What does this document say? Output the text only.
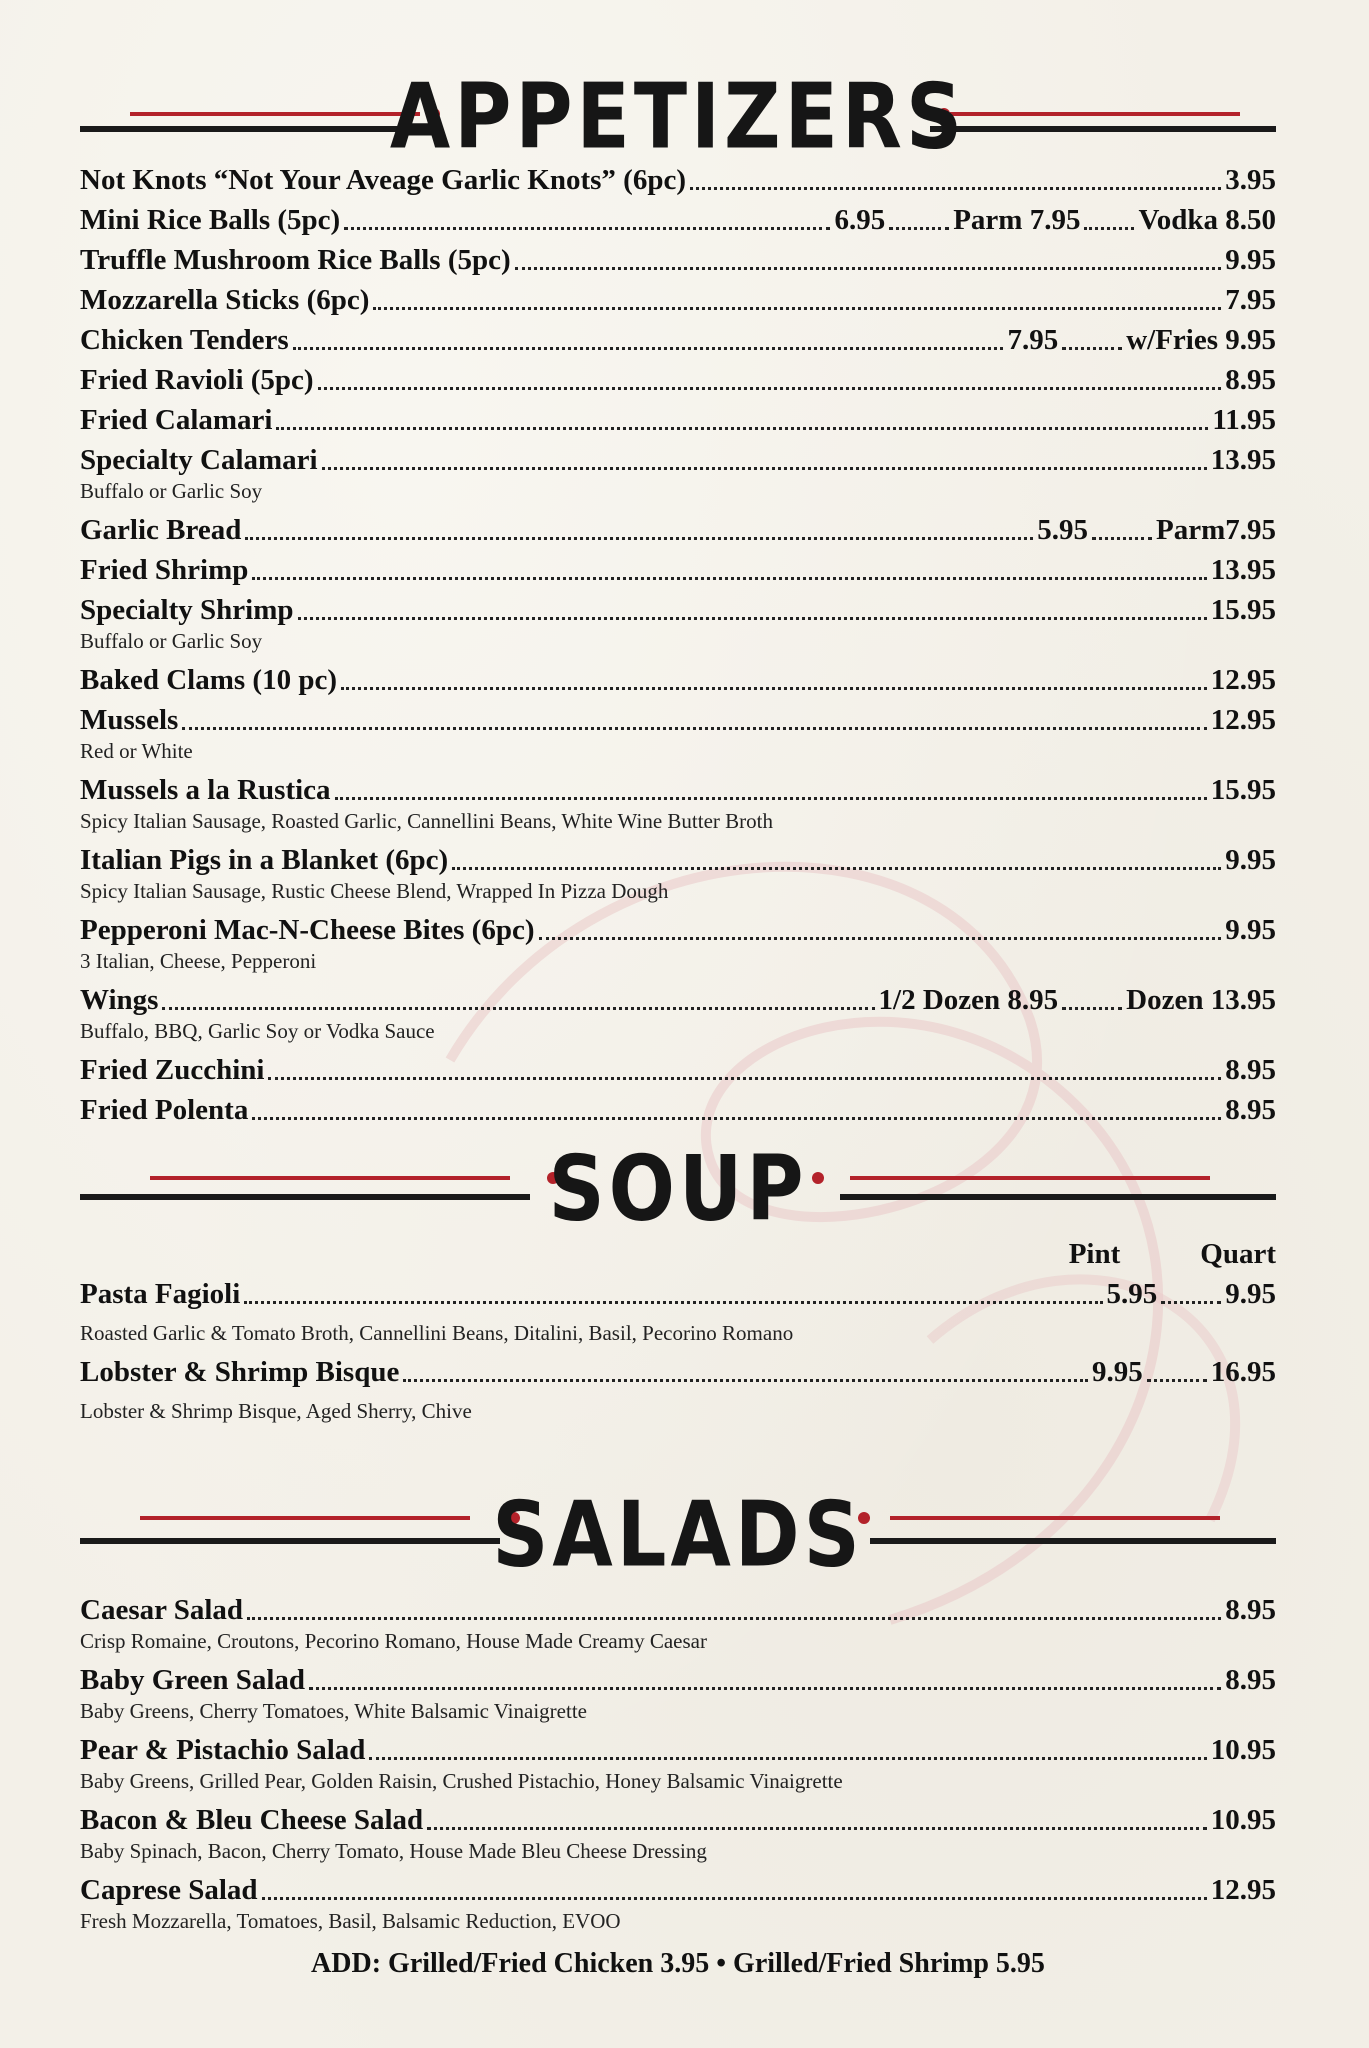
APPETIZERS
Not Knots “Not Your Aveage Garlic Knots” (6pc)	3.95
Mini Rice Balls (5pc)	6.95 Parm 7.95 Vodka 8.50
Truffle Mushroom Rice Balls (5pc)	9.95
Mozzarella Sticks (6pc)	7.95
Chicken Tenders	7.95 w/Fries 9.95
Fried Ravioli (5pc)	8.95
Fried Calamari	11.95
Specialty Calamari	13.95
Buffalo or Garlic Soy
Garlic Bread	5.95 Parm7.95
Fried Shrimp	13.95
Specialty Shrimp	15.95
Buffalo or Garlic Soy
Baked Clams (10 pc)	12.95
Mussels	12.95
Red or White
Mussels a la Rustica	15.95
Spicy Italian Sausage, Roasted Garlic, Cannellini Beans, White Wine Butter Broth
Italian Pigs in a Blanket (6pc)	9.95
Spicy Italian Sausage, Rustic Cheese Blend, Wrapped In Pizza Dough
Pepperoni Mac-N-Cheese Bites (6pc)	9.95
3 Italian, Cheese, Pepperoni
Wings	1/2 Dozen 8.95 Dozen 13.95
Buffalo, BBQ, Garlic Soy or Vodka Sauce
Fried Zucchini	8.95
Fried Polenta	8.95
SOUP
Pint	Quart
Pasta Fagioli	5.95 9.95
Roasted Garlic & Tomato Broth, Cannellini Beans, Ditalini, Basil, Pecorino Romano
Lobster & Shrimp Bisque	9.95 16.95
Lobster & Shrimp Bisque, Aged Sherry, Chive
SALADS
Caesar Salad	8.95
Crisp Romaine, Croutons, Pecorino Romano, House Made Creamy Caesar
Baby Green Salad	8.95
Baby Greens, Cherry Tomatoes, White Balsamic Vinaigrette
Pear & Pistachio Salad	10.95
Baby Greens, Grilled Pear, Golden Raisin, Crushed Pistachio, Honey Balsamic Vinaigrette
Bacon & Bleu Cheese Salad	10.95
Baby Spinach, Bacon, Cherry Tomato, House Made Bleu Cheese Dressing
Caprese Salad	12.95
Fresh Mozzarella, Tomatoes, Basil, Balsamic Reduction, EVOO
ADD: Grilled/Fried Chicken 3.95 • Grilled/Fried Shrimp 5.95
